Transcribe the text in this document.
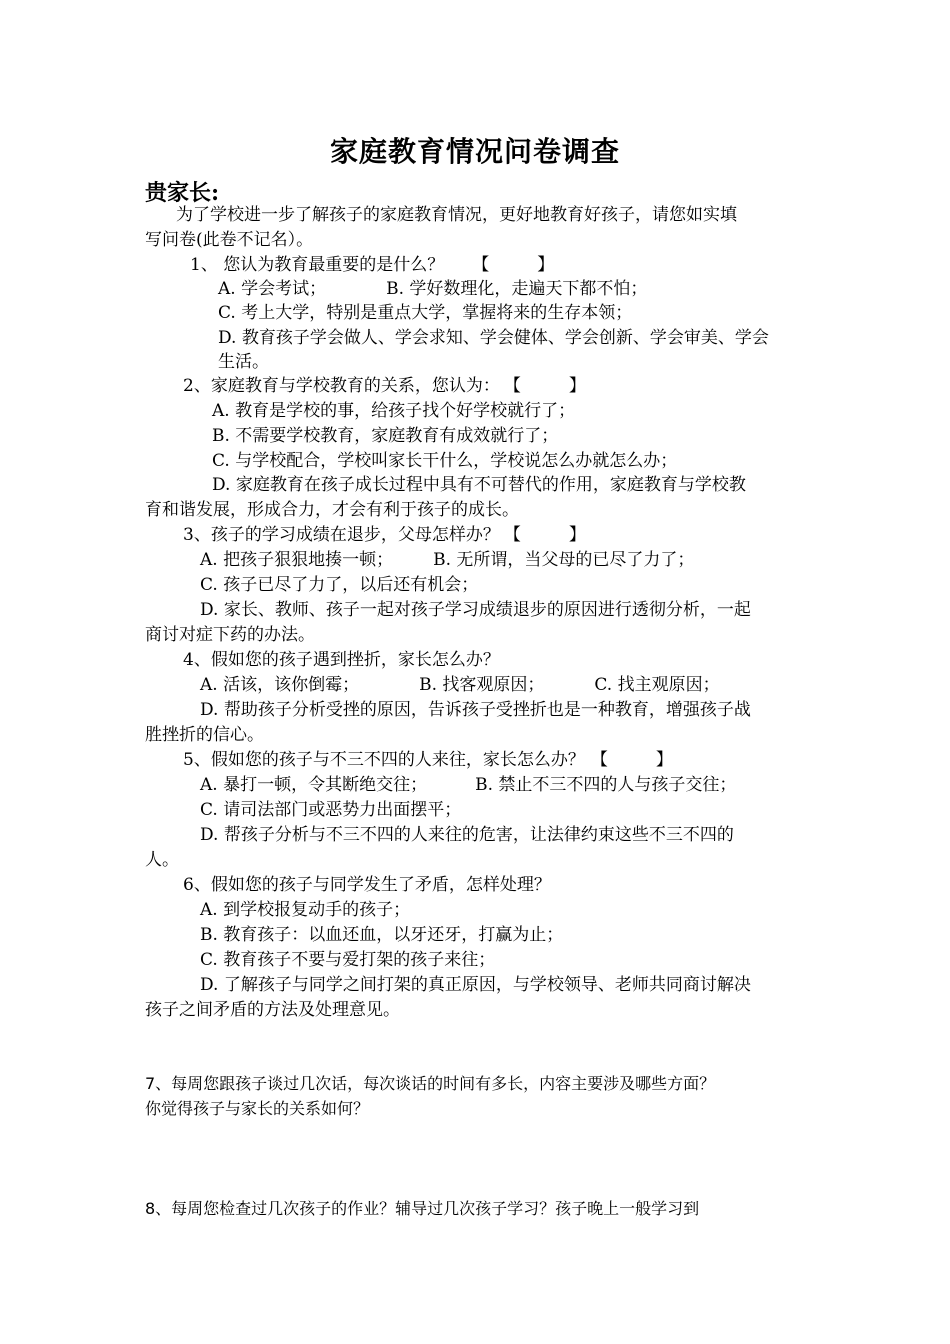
家庭教育情况问卷调查
贵家长:
为了学校进一步了解孩子的家庭教育情况，更好地教育好孩子，请您如实填
写问卷(此卷不记名）。
1、 您认为教育最重要的是什么？ 【	】
A. 学会考试；	B. 学好数理化，走遍天下都不怕；
C. 考上大学，特别是重点大学，掌握将来的生存本领；
D. 教育孩子学会做人、学会求知、学会健体、学会创新、学会审美、学会
生活。
2、家庭教育与学校教育的关系，您认为： 【	】
A. 教育是学校的事，给孩子找个好学校就行了；
B. 不需要学校教育，家庭教育有成效就行了；
C. 与学校配合，学校叫家长干什么，学校说怎么办就怎么办；
D. 家庭教育在孩子成长过程中具有不可替代的作用，家庭教育与学校教
育和谐发展，形成合力，才会有利于孩子的成长。
3、孩子的学习成绩在退步，父母怎样办？ 【	】
A. 把孩子狠狠地揍一顿； B. 无所谓，当父母的已尽了力了；
C. 孩子已尽了力了，以后还有机会；
D. 家长、教师、孩子一起对孩子学习成绩退步的原因进行透彻分析，一起
商讨对症下药的办法。
4、假如您的孩子遇到挫折，家长怎么办？
A. 活该，该你倒霉；	B. 找客观原因；	C. 找主观原因；
D. 帮助孩子分析受挫的原因，告诉孩子受挫折也是一种教育，增强孩子战
胜挫折的信心。
5、假如您的孩子与不三不四的人来往，家长怎么办？ 【	】
A. 暴打一顿，令其断绝交往；	B. 禁止不三不四的人与孩子交往；
C. 请司法部门或恶势力出面摆平；
D. 帮孩子分析与不三不四的人来往的危害，让法律约束这些不三不四的
人。
6、假如您的孩子与同学发生了矛盾，怎样处理？
A. 到学校报复动手的孩子；
B. 教育孩子：以血还血，以牙还牙，打赢为止；
C. 教育孩子不要与爱打架的孩子来往；
D. 了解孩子与同学之间打架的真正原因，与学校领导、老师共同商讨解决
孩子之间矛盾的方法及处理意见。
7、每周您跟孩子谈过几次话，每次谈话的时间有多长，内容主要涉及哪些方面？
你觉得孩子与家长的关系如何？
8、每周您检查过几次孩子的作业？辅导过几次孩子学习？孩子晚上一般学习到
